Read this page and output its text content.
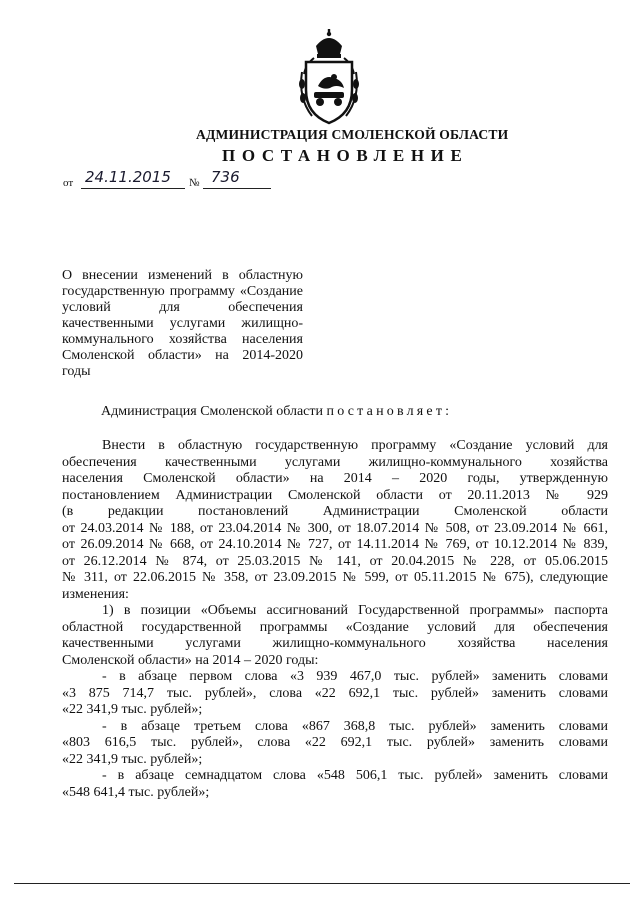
АДМИНИСТРАЦИЯ СМОЛЕНСКОЙ ОБЛАСТИ
ПОСТАНОВЛЕНИЕ
от 24.11.2015 № 736
О внесении изменений в областную государственную программу «Создание условий для обеспечения качественными услугами жилищно-коммунального хозяйства населения Смоленской области» на 2014-2020 годы
Администрация Смоленской области постановляет:

Внести в областную государственную программу «Создание условий для

обеспечения качественными услугами жилищно-коммунального хозяйства

населения Смоленской области» на 2014 – 2020 годы, утвержденную

постановлением Администрации Смоленской области от 20.11.2013 № 929

(в редакции постановлений Администрации Смоленской области

от 24.03.2014 № 188, от 23.04.2014 № 300, от 18.07.2014 № 508, от 23.09.2014 № 661,

от 26.09.2014 № 668, от 24.10.2014 № 727, от 14.11.2014 № 769, от 10.12.2014 № 839,

от 26.12.2014 № 874, от 25.03.2015 № 141, от 20.04.2015 № 228, от 05.06.2015

№ 311, от 22.06.2015 № 358, от 23.09.2015 № 599, от 05.11.2015 № 675), следующие

изменения:

1) в позиции «Объемы ассигнований Государственной программы» паспорта

областной государственной программы «Создание условий для обеспечения

качественными услугами жилищно-коммунального хозяйства населения

Смоленской области» на 2014 – 2020 годы:

- в абзаце первом слова «3 939 467,0 тыс. рублей» заменить словами

«3 875 714,7 тыс. рублей», слова «22 692,1 тыс. рублей» заменить словами

«22 341,9 тыс. рублей»;

- в абзаце третьем слова «867 368,8 тыс. рублей» заменить словами

«803 616,5 тыс. рублей», слова «22 692,1 тыс. рублей» заменить словами

«22 341,9 тыс. рублей»;

- в абзаце семнадцатом слова «548 506,1 тыс. рублей» заменить словами

«548 641,4 тыс. рублей»;
